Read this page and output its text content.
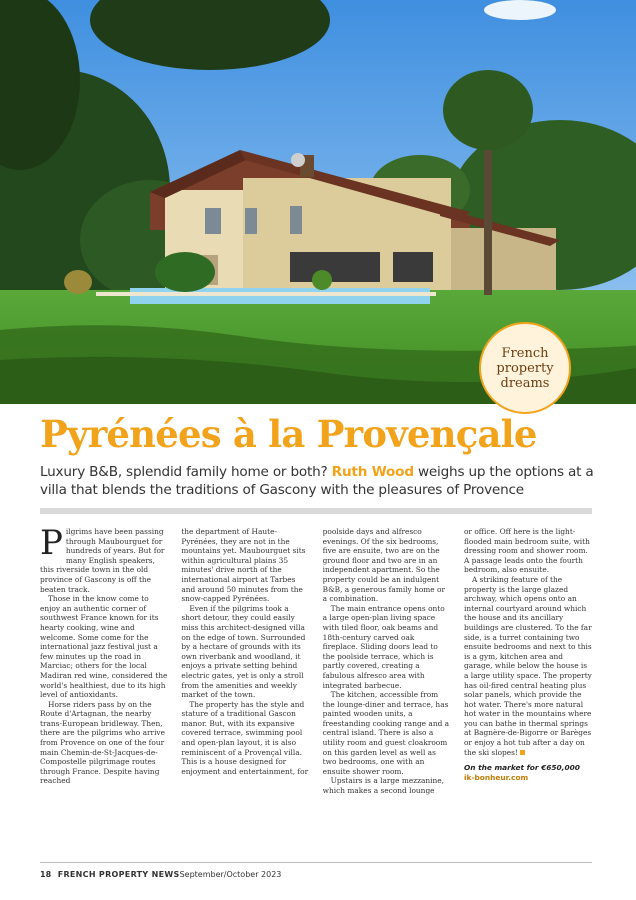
French
property
dreams
Pyrénées à la Provençale
Luxury B&B, splendid family home or both? Ruth Wood weighs up the options at a villa that blends the traditions of Gascony with the pleasures of Provence

Pilgrims have been passing through Maubourguet for hundreds of years. But for many English speakers, this riverside town in the old province of Gascony is off the beaten track.

Those in the know come to enjoy an authentic corner of southwest France known for its hearty cooking, wine and welcome. Some come for the international jazz festival just a few minutes up the road in Marciac; others for the local Madiran red wine, considered the world's healthiest, due to its high level of antioxidants.

Horse riders pass by on the Route d'Artagnan, the nearby trans-European bridleway. Then, there are the pilgrims who arrive from Provence on one of the four main Chemin-de-St-Jacques-de-Compostelle pilgrimage routes through France. Despite having reached

the department of Haute-Pyrénées, they are not in the mountains yet. Maubourguet sits within agricultural plains 35 minutes' drive north of the international airport at Tarbes and around 50 minutes from the snow-capped Pyrénées.

Even if the pilgrims took a short detour, they could easily miss this architect-designed villa on the edge of town. Surrounded by a hectare of grounds with its own riverbank and woodland, it enjoys a private setting behind electric gates, yet is only a stroll from the amenities and weekly market of the town.

The property has the style and stature of a traditional Gascon manor. But, with its expansive covered terrace, swimming pool and open-plan layout, it is also reminiscent of a Provençal villa. This is a house designed for enjoyment and entertainment, for

poolside days and alfresco evenings. Of the six bedrooms, five are ensuite, two are on the ground floor and two are in an independent apartment. So the property could be an indulgent B&B, a generous family home or a combination.

The main entrance opens onto a large open-plan living space with tiled floor, oak beams and 18th-century carved oak fireplace. Sliding doors lead to the poolside terrace, which is partly covered, creating a fabulous alfresco area with integrated barbecue.

The kitchen, accessible from the lounge-diner and terrace, has painted wooden units, a freestanding cooking range and a central island. There is also a utility room and guest cloakroom on this garden level as well as two bedrooms, one with an ensuite shower room.

Upstairs is a large mezzanine, which makes a second lounge

or office. Off here is the light-flooded main bedroom suite, with dressing room and shower room. A passage leads onto the fourth bedroom, also ensuite.

A striking feature of the property is the large glazed archway, which opens onto an internal courtyard around which the house and its ancillary buildings are clustered. To the far side, is a turret containing two ensuite bedrooms and next to this is a gym, kitchen area and garage, while below the house is a large utility space. The property has oil-fired central heating plus solar panels, which provide the hot water. There's more natural hot water in the mountains where you can bathe in thermal springs at Bagnère-de-Bigorre or Barèges or enjoy a hot tub after a day on the ski slopes!

On the market for €650,000
ik-bonheur.com
18 FRENCH PROPERTY NEWSSeptember/October 2023
